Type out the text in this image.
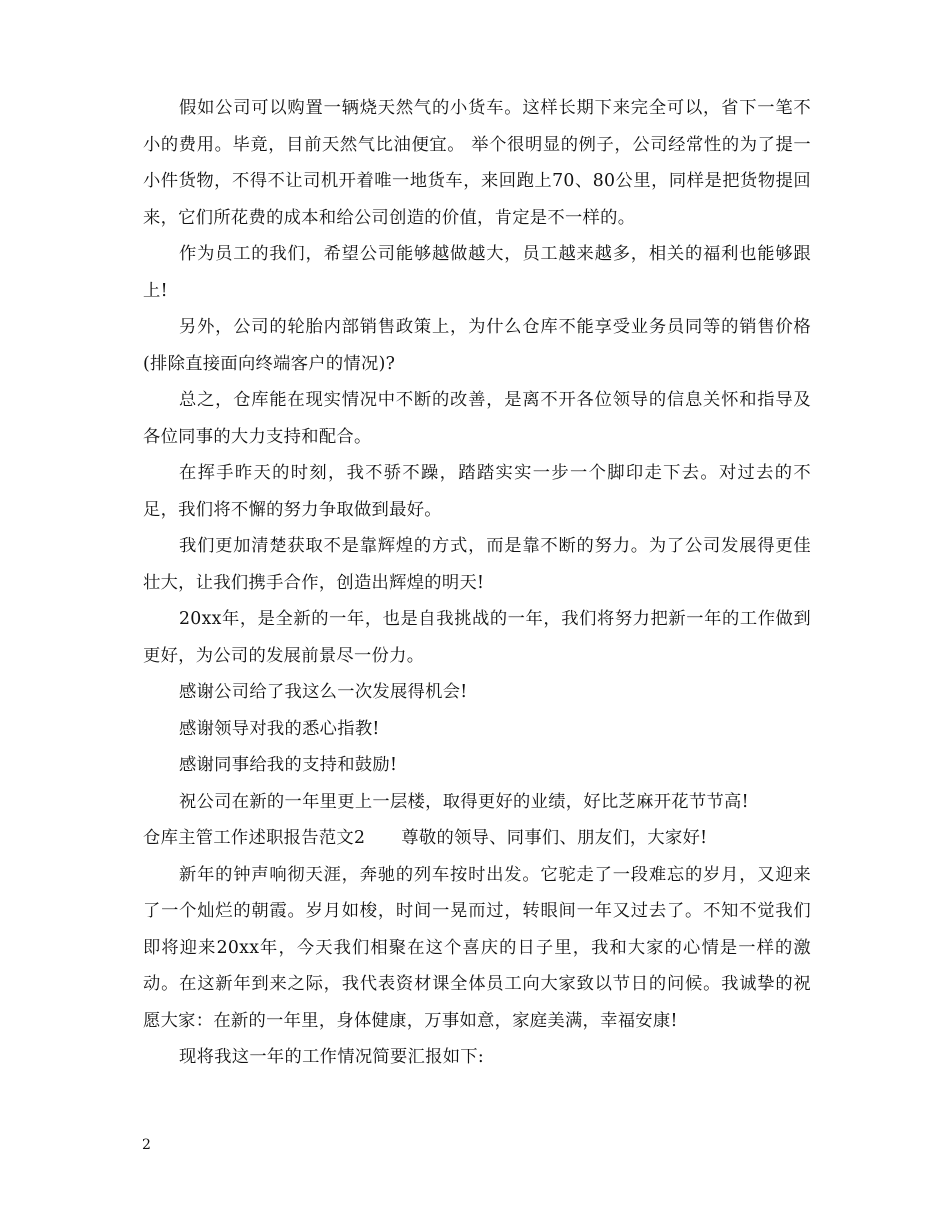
假如公司可以购置一辆烧天然气的小货车。这样长期下来完全可以，省下一笔不小的费用。毕竟，目前天然气比油便宜。 举个很明显的例子，公司经常性的为了提一小件货物，不得不让司机开着唯一地货车，来回跑上70、80公里，同样是把货物提回来，它们所花费的成本和给公司创造的价值，肯定是不一样的。

作为员工的我们，希望公司能够越做越大，员工越来越多，相关的福利也能够跟上!

另外，公司的轮胎内部销售政策上，为什么仓库不能享受业务员同等的销售价格(排除直接面向终端客户的情况)?

总之，仓库能在现实情况中不断的改善，是离不开各位领导的信息关怀和指导及各位同事的大力支持和配合。

在挥手昨天的时刻，我不骄不躁，踏踏实实一步一个脚印走下去。对过去的不足，我们将不懈的努力争取做到最好。

我们更加清楚获取不是靠辉煌的方式，而是靠不断的努力。为了公司发展得更佳壮大，让我们携手合作，创造出辉煌的明天!

20xx年，是全新的一年，也是自我挑战的一年，我们将努力把新一年的工作做到更好，为公司的发展前景尽一份力。

感谢公司给了我这么一次发展得机会!

感谢领导对我的悉心指教!

感谢同事给我的支持和鼓励!

祝公司在新的一年里更上一层楼，取得更好的业绩，好比芝麻开花节节高!

仓库主管工作述职报告范文2 尊敬的领导、同事们、朋友们，大家好!

新年的钟声响彻天涯，奔驰的列车按时出发。它驼走了一段难忘的岁月，又迎来了一个灿烂的朝霞。岁月如梭，时间一晃而过，转眼间一年又过去了。不知不觉我们即将迎来20xx年，今天我们相聚在这个喜庆的日子里，我和大家的心情是一样的激动。在这新年到来之际，我代表资材课全体员工向大家致以节日的问候。我诚挚的祝愿大家：在新的一年里，身体健康，万事如意，家庭美满，幸福安康!

现将我这一年的工作情况简要汇报如下:

2
